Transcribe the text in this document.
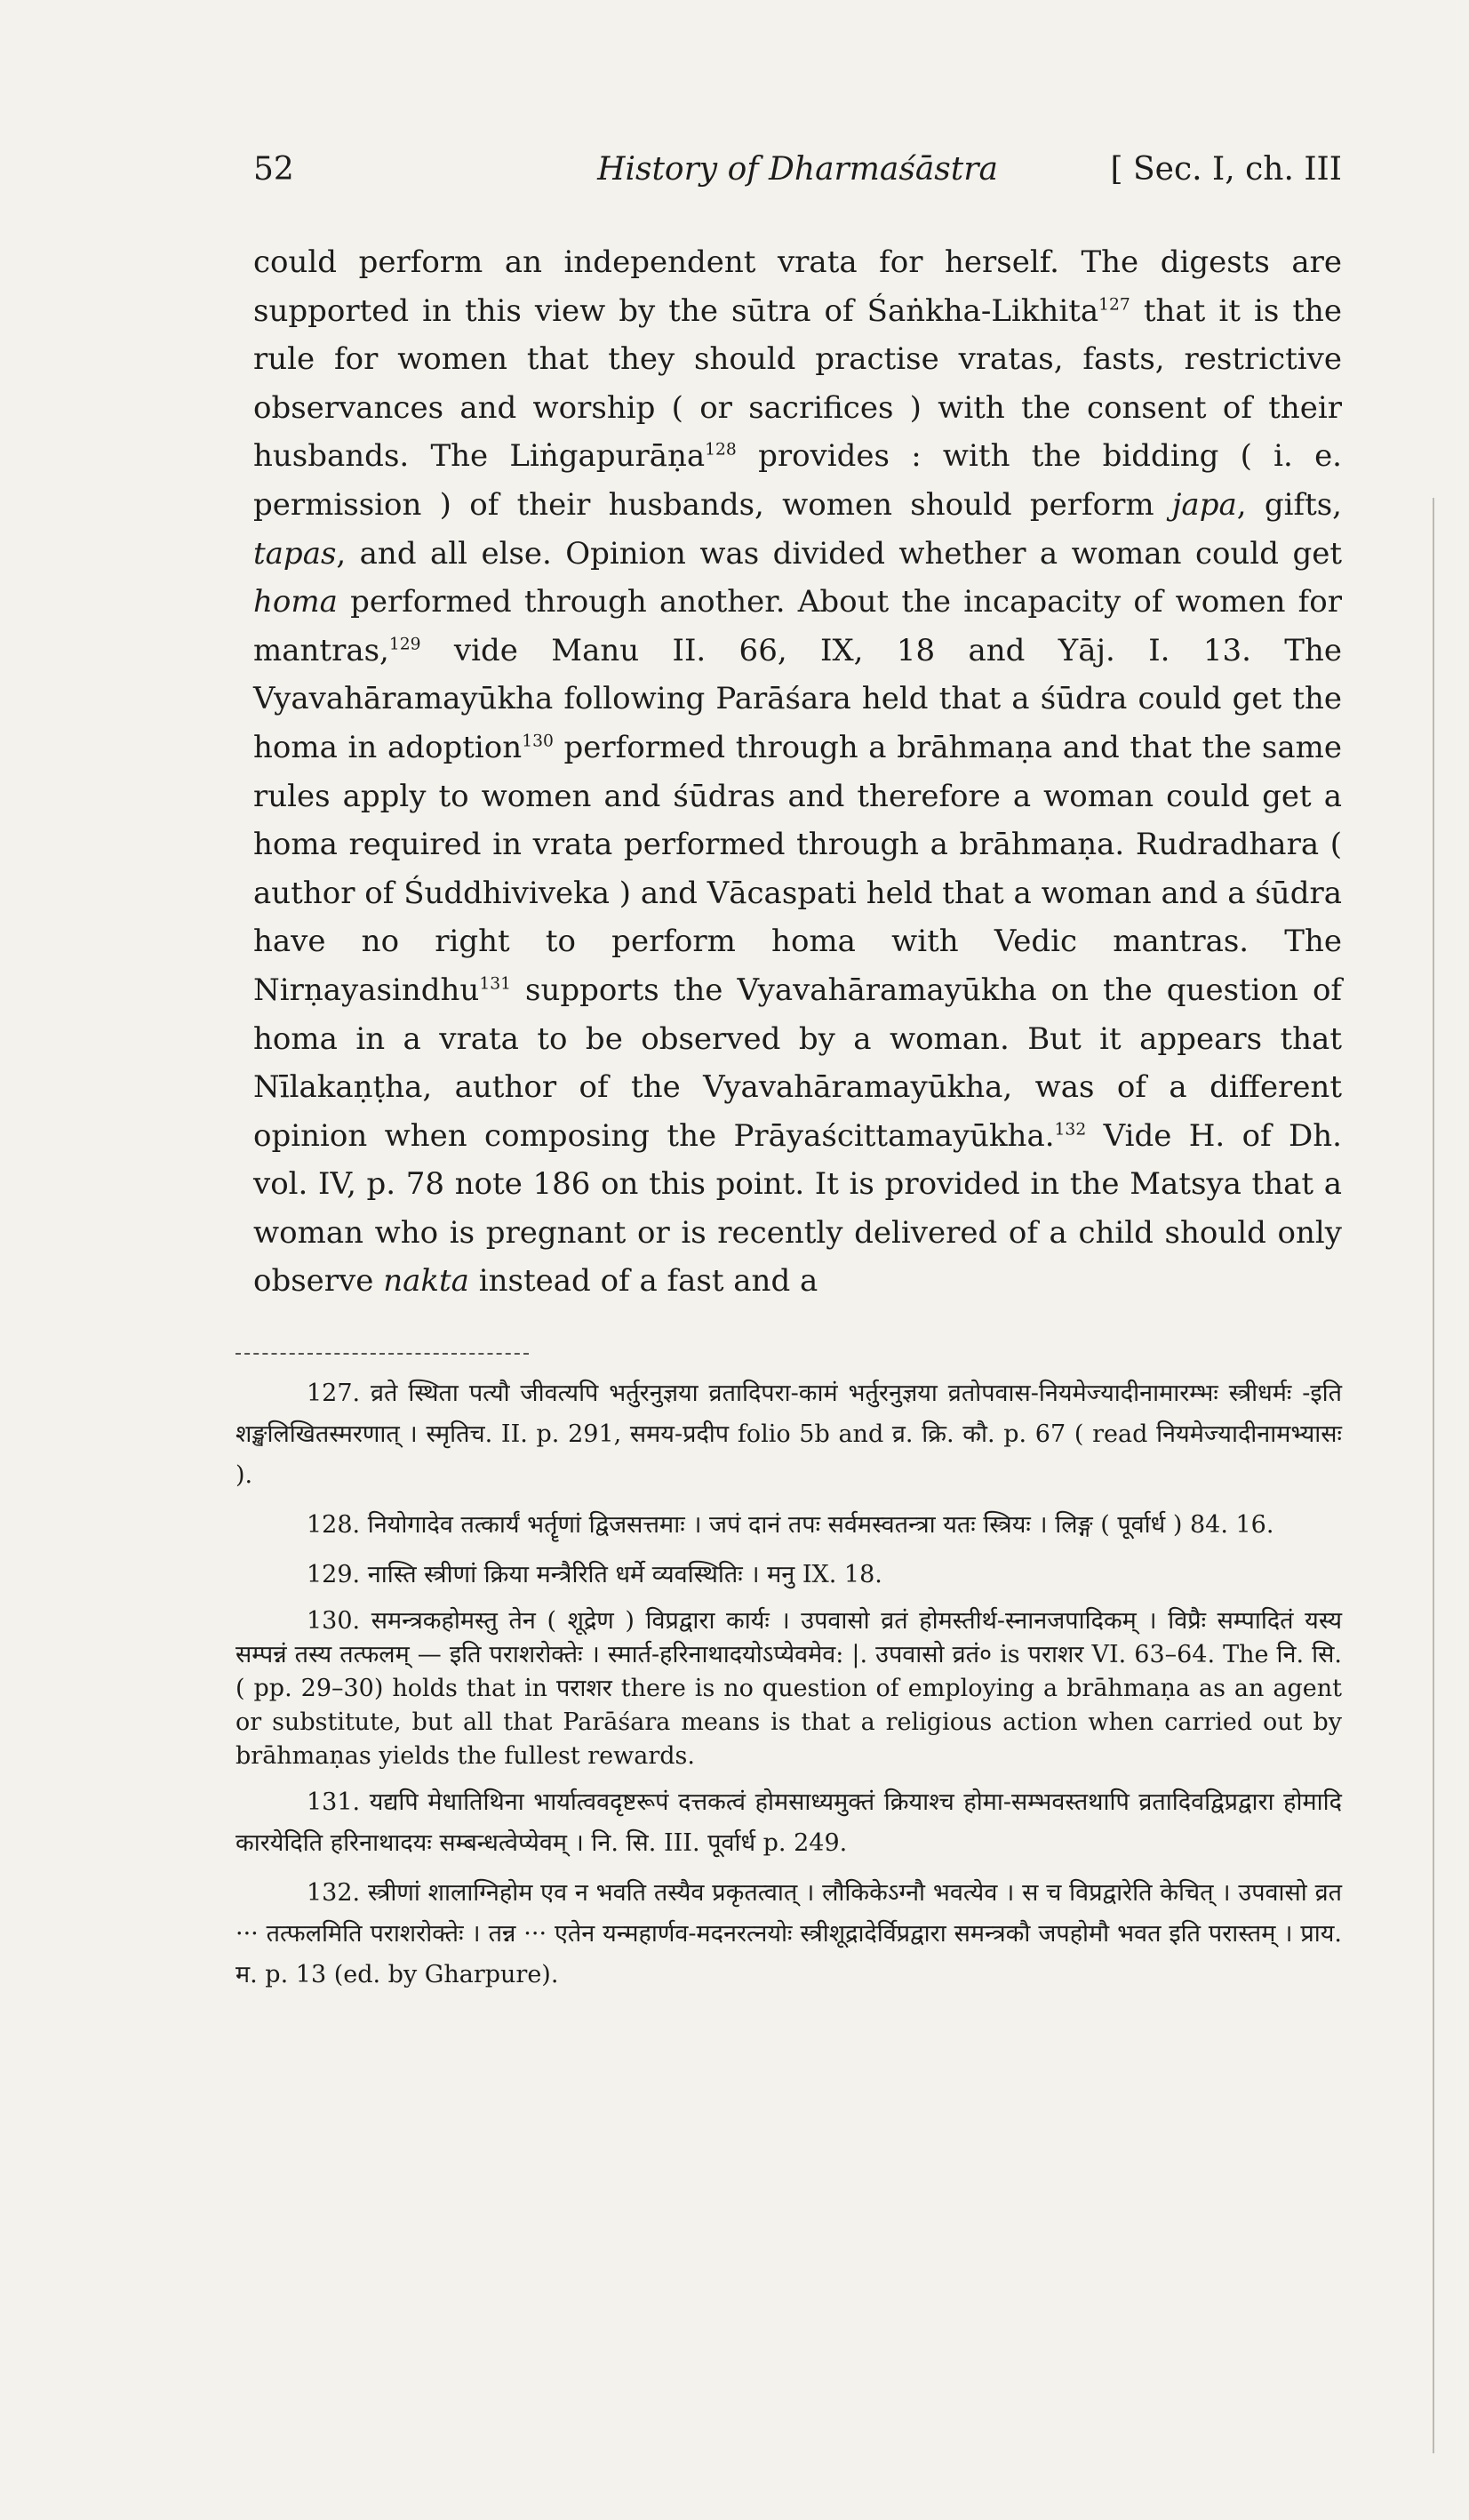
52	History of Dharmaśāstra	[ Sec. I, ch. III

could perform an independent vrata for herself. The digests are supported in this view by the sūtra of Śaṅkha-Likhita$^{127}$ that it is the rule for women that they should practise vratas, fasts, restrictive observances and worship ( or sacrifices ) with the consent of their husbands. The Liṅgapurāṇa$^{128}$ provides : with the bidding ( i. e. permission ) of their husbands, women should perform japa, gifts, tapas, and all else. Opinion was divided whether a woman could get homa performed through another. About the incapacity of women for mantras,$^{129}$ vide Manu II. 66, IX, 18 and Yāj. I. 13. The Vyavahāramayūkha following Parāśara held that a śūdra could get the homa in adoption$^{130}$ performed through a brāhmaṇa and that the same rules apply to women and śūdras and therefore a woman could get a homa required in vrata performed through a brāhmaṇa. Rudradhara ( author of Śuddhiviveka ) and Vācaspati held that a woman and a śūdra have no right to perform homa with Vedic mantras. The Nirṇayasindhu$^{131}$ supports the Vyavahāramayūkha on the question of homa in a vrata to be observed by a woman. But it appears that Nīlakaṇṭha, author of the Vyavahāramayūkha, was of a different opinion when composing the Prāyaścittamayūkha.$^{132}$ Vide H. of Dh. vol. IV, p. 78 note 186 on this point. It is provided in the Matsya that a woman who is pregnant or is recently delivered of a child should only observe nakta instead of a fast and a

127. व्रते स्थिता पत्यौ जीवत्यपि भर्तुरनुज्ञया व्रतादिपरा-कामं भर्तुरनुज्ञया व्रतोपवास-नियमेज्यादीनामारम्भः स्त्रीधर्मः -इति शङ्खलिखितस्मरणात् । स्मृतिच. II. p. 291, समय-प्रदीप folio 5b and व्र. क्रि. कौ. p. 67 ( read नियमेज्यादीनामभ्यासः ).

128. नियोगादेव तत्कार्यं भर्तॄणां द्विजसत्तमाः । जपं दानं तपः सर्वमस्वतन्त्रा यतः स्त्रियः । लिङ्ग ( पूर्वार्ध ) 84. 16.

129. नास्ति स्त्रीणां क्रिया मन्त्रैरिति धर्मे व्यवस्थितिः । मनु IX. 18.

130. समन्त्रकहोमस्तु तेन ( शूद्रेण ) विप्रद्वारा कार्यः । उपवासो व्रतं होमस्तीर्थ-स्नानजपादिकम् । विप्रैः सम्पादितं यस्य सम्पन्नं तस्य तत्फलम् — इति पराशरोक्तेः । स्मार्त-हरिनाथादयोऽप्येवमेव: |. उपवासो व्रतं० is पराशर VI. 63–64. The नि. सि. ( pp. 29–30) holds that in पराशर there is no question of employing a brāhmaṇa as an agent or substitute, but all that Parāśara means is that a religious action when carried out by brāhmaṇas yields the fullest rewards.

131. यद्यपि मेधातिथिना भार्यात्ववदृष्टरूपं दत्तकत्वं होमसाध्यमुक्तं क्रियाश्च होमा-सम्भवस्तथापि व्रतादिवद्विप्रद्वारा होमादि कारयेदिति हरिनाथादयः सम्बन्धत्वेप्येवम् । नि. सि. III. पूर्वार्ध p. 249.

132. स्त्रीणां शालाग्निहोम एव न भवति तस्यैव प्रकृतत्वात् । लौकिकेऽग्नौ भवत्येव । स च विप्रद्वारेति केचित् । उपवासो व्रत ··· तत्फलमिति पराशरोक्तेः । तन्न ··· एतेन यन्महार्णव-मदनरत्नयोः स्त्रीशूद्रादेर्विप्रद्वारा समन्त्रकौ जपहोमौ भवत इति परास्तम् । प्राय. म. p. 13 (ed. by Gharpure).
